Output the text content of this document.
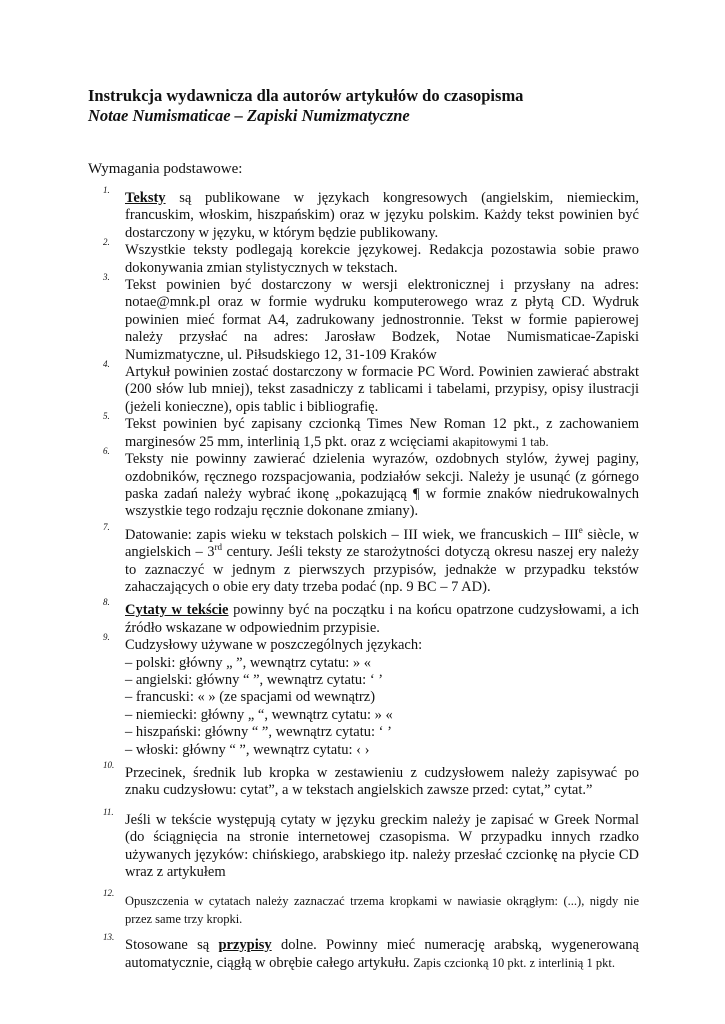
Instrukcja wydawnicza dla autorów artykułów do czasopisma
Notae Numismaticae – Zapiski Numizmatyczne
Wymagania podstawowe:
1. Teksty są publikowane w językach kongresowych (angielskim, niemieckim, francuskim, włoskim, hiszpańskim) oraz w języku polskim. Każdy tekst powinien być dostarczony w języku, w którym będzie publikowany.
2. Wszystkie teksty podlegają korekcie językowej. Redakcja pozostawia sobie prawo dokonywania zmian stylistycznych w tekstach.
3. Tekst powinien być dostarczony w wersji elektronicznej i przysłany na adres: notae@mnk.pl oraz w formie wydruku komputerowego wraz z płytą CD. Wydruk powinien mieć format A4, zadrukowany jednostronnie. Tekst w formie papierowej należy przysłać na adres: Jarosław Bodzek, Notae Numismaticae-Zapiski Numizmatyczne, ul. Piłsudskiego 12, 31-109 Kraków
4. Artykuł powinien zostać dostarczony w formacie PC Word. Powinien zawierać abstrakt (200 słów lub mniej), tekst zasadniczy z tablicami i tabelami, przypisy, opisy ilustracji (jeżeli konieczne), opis tablic i bibliografię.
5. Tekst powinien być zapisany czcionką Times New Roman 12 pkt., z zachowaniem marginesów 25 mm, interlinią 1,5 pkt. oraz z wcięciami akapitowymi 1 tab.
6. Teksty nie powinny zawierać dzielenia wyrazów, ozdobnych stylów, żywej paginy, ozdobników, ręcznego rozspacjowania, podziałów sekcji. Należy je usunąć (z górnego paska zadań należy wybrać ikonę „pokazującą ¶ w formie znaków niedrukowalnych wszystkie tego rodzaju ręcznie dokonane zmiany).
7. Datowanie: zapis wieku w tekstach polskich – III wiek, we francuskich – IIIe siècle, w angielskich – 3rd century. Jeśli teksty ze starożytności dotyczą okresu naszej ery należy to zaznaczyć w jednym z pierwszych przypisów, jednakże w przypadku tekstów zahaczających o obie ery daty trzeba podać (np. 9 BC – 7 AD).
8. Cytaty w tekście powinny być na początku i na końcu opatrzone cudzysłowami, a ich źródło wskazane w odpowiednim przypisie.
9. Cudzysłowy używane w poszczególnych językach:
– polski: główny „ ”, wewnątrz cytatu: » «
– angielski: główny “ ”, wewnątrz cytatu: ‘ ’
– francuski: « » (ze spacjami od wewnątrz)
– niemiecki: główny „ “, wewnątrz cytatu: » «
– hiszpański: główny “ ”, wewnątrz cytatu: ‘ ’
– włoski: główny “ ”, wewnątrz cytatu: ‹ ›
10. Przecinek, średnik lub kropka w zestawieniu z cudzysłowem należy zapisywać po znaku cudzysłowu: cytat”, a w tekstach angielskich zawsze przed: cytat,” cytat.”
11. Jeśli w tekście występują cytaty w języku greckim należy je zapisać w Greek Normal (do ściągnięcia na stronie internetowej czasopisma. W przypadku innych rzadko używanych języków: chińskiego, arabskiego itp. należy przesłać czcionkę na płycie CD wraz z artykułem
12.
Opuszczenia w cytatach należy zaznaczać trzema kropkami w nawiasie okrągłym: (...), nigdy nie przez same trzy kropki.
13. Stosowane są przypisy dolne. Powinny mieć numerację arabską, wygenerowaną automatycznie, ciągłą w obrębie całego artykułu. Zapis czcionką 10 pkt. z interlinią 1 pkt.
